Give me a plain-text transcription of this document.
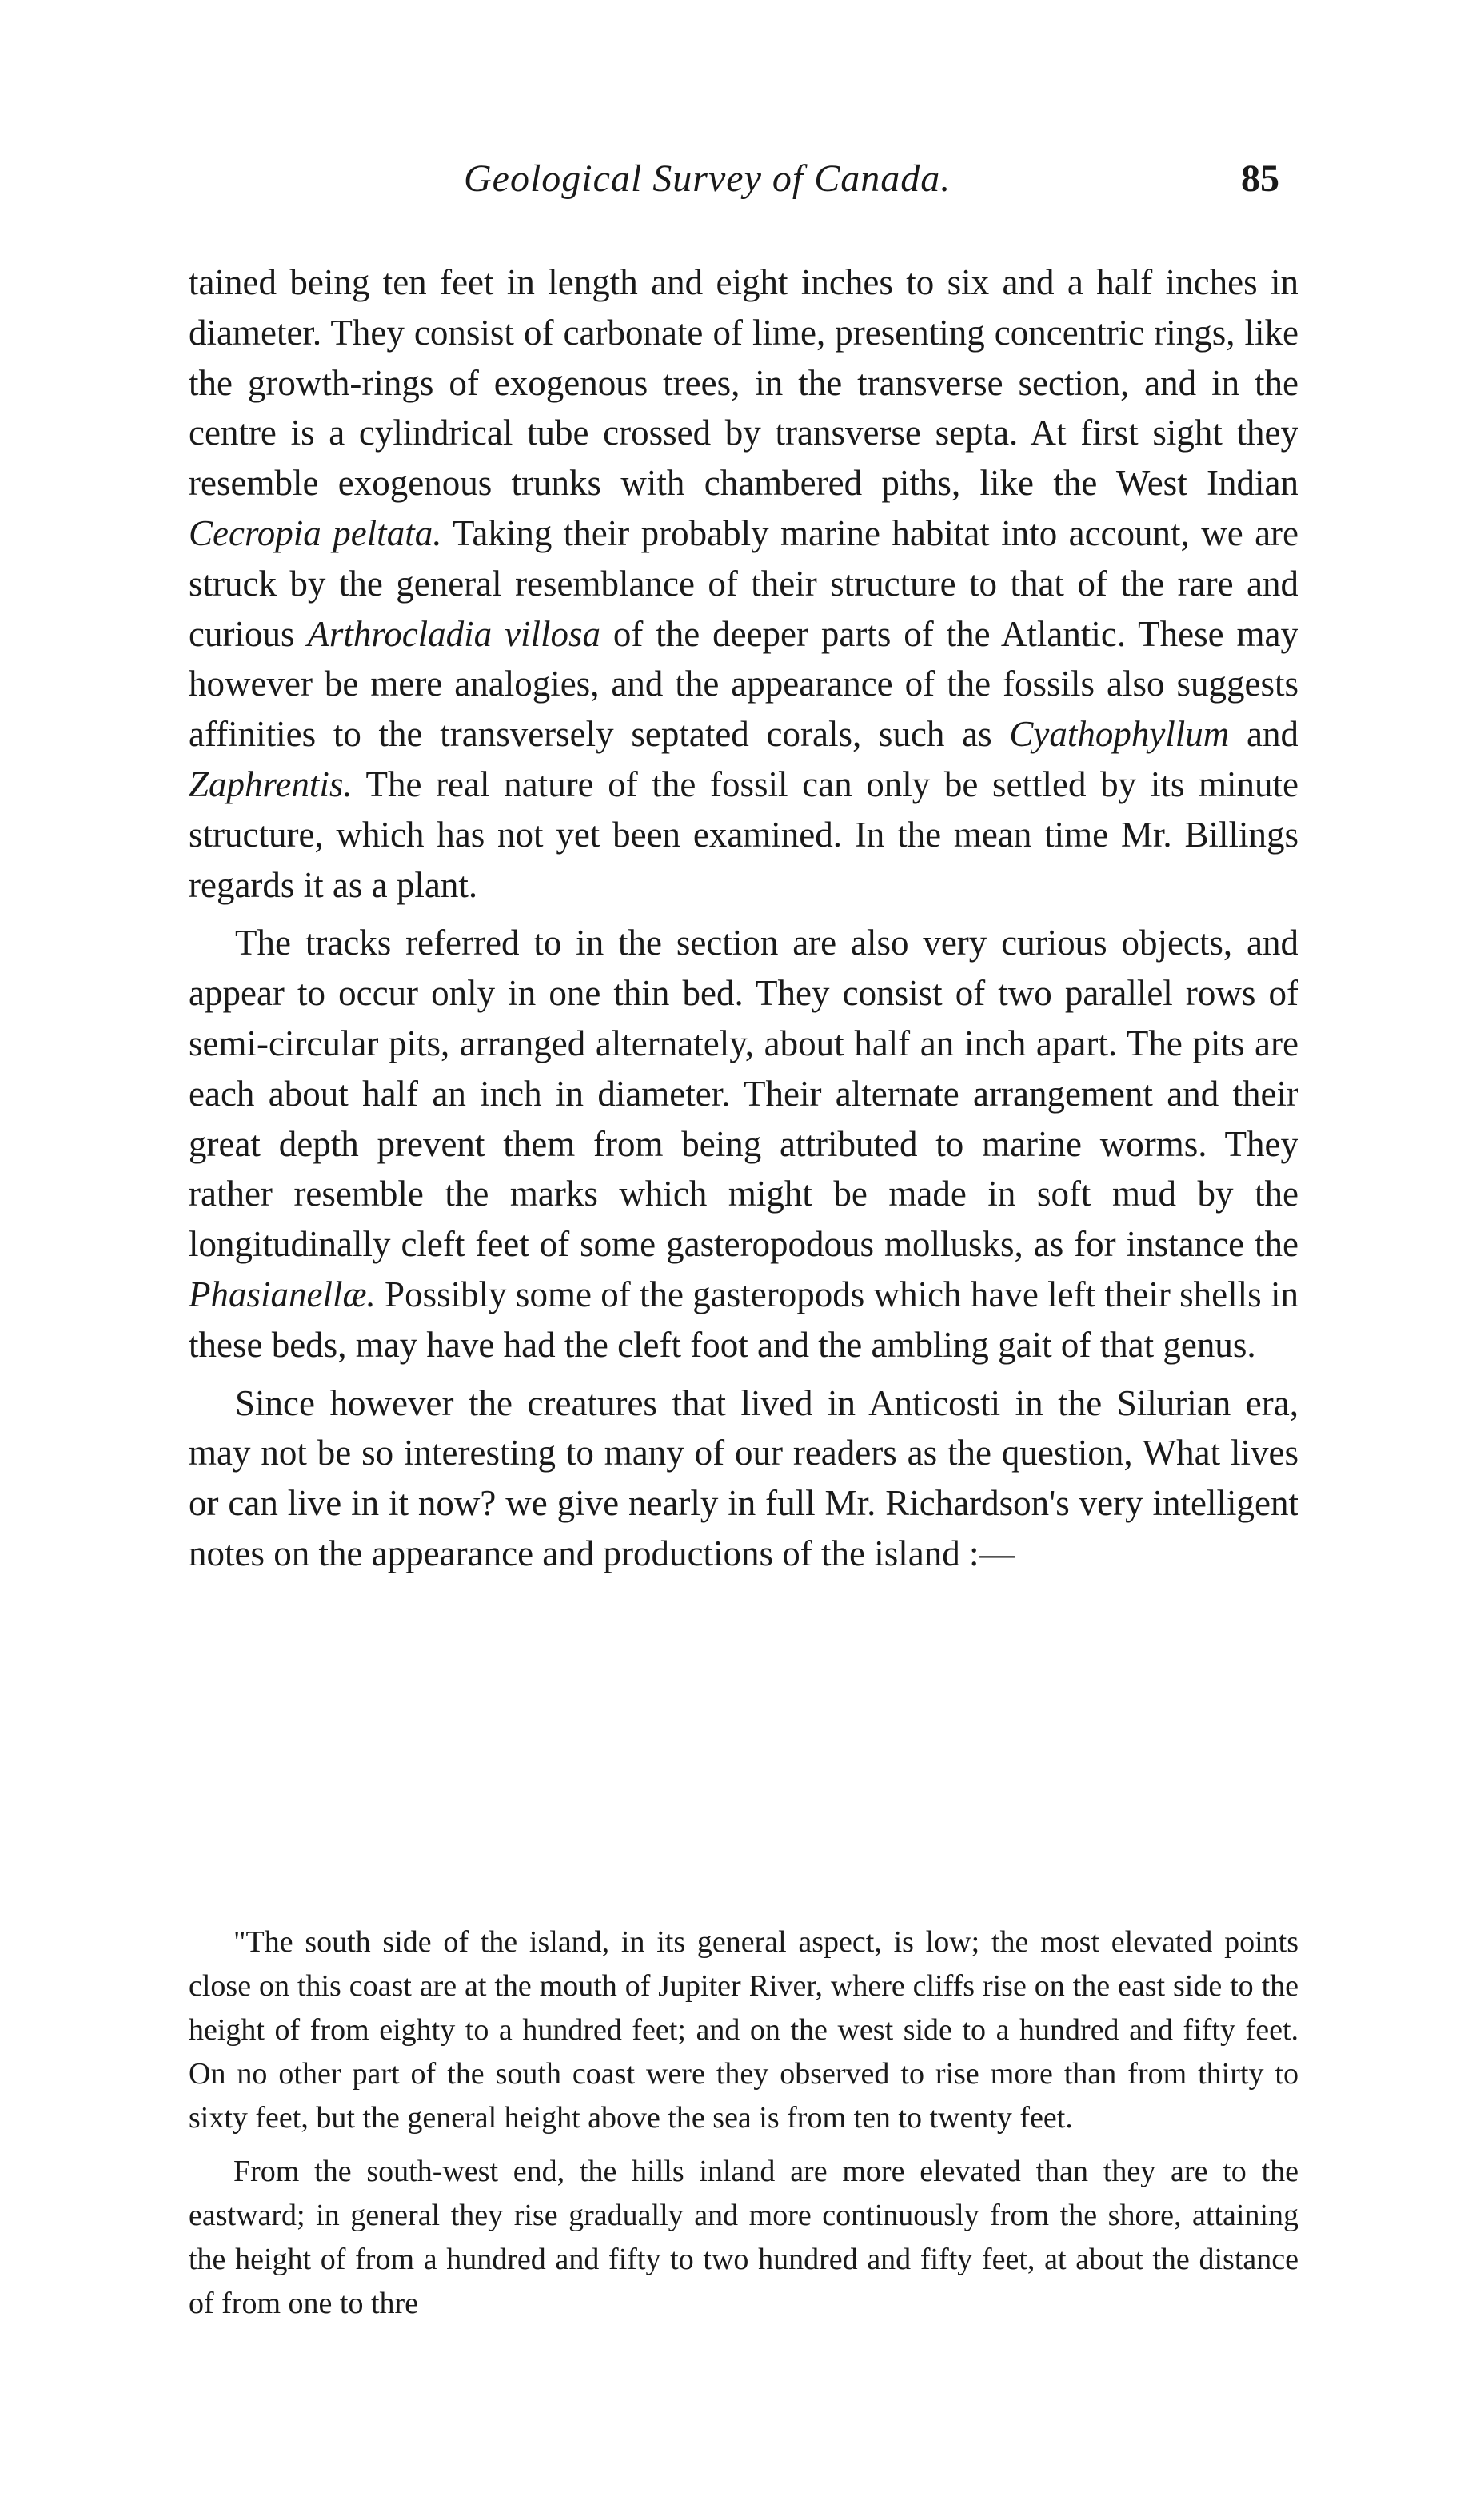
Geological Survey of Canada.	85

tained being ten feet in length and eight inches to six and a half inches in diameter. They consist of carbonate of lime, presenting concentric rings, like the growth-rings of exogenous trees, in the transverse section, and in the centre is a cylindrical tube crossed by transverse septa. At first sight they resemble exogenous trunks with chambered piths, like the West Indian Cecropia peltata. Taking their probably marine habitat into account, we are struck by the general resemblance of their structure to that of the rare and curious Arthrocladia villosa of the deeper parts of the Atlantic. These may however be mere analogies, and the appearance of the fossils also suggests affinities to the transversely septated corals, such as Cyathophyllum and Zaphrentis. The real nature of the fossil can only be settled by its minute structure, which has not yet been examined. In the mean time Mr. Billings regards it as a plant.

The tracks referred to in the section are also very curious objects, and appear to occur only in one thin bed. They consist of two parallel rows of semi-circular pits, arranged alternately, about half an inch apart. The pits are each about half an inch in diameter. Their alternate arrangement and their great depth prevent them from being attributed to marine worms. They rather resemble the marks which might be made in soft mud by the longitudinally cleft feet of some gasteropodous mollusks, as for instance the Phasianellæ. Possibly some of the gasteropods which have left their shells in these beds, may have had the cleft foot and the ambling gait of that genus.

Since however the creatures that lived in Anticosti in the Silurian era, may not be so interesting to many of our readers as the question, What lives or can live in it now? we give nearly in full Mr. Richardson's very intelligent notes on the appearance and productions of the island :—

"The south side of the island, in its general aspect, is low; the most elevated points close on this coast are at the mouth of Jupiter River, where cliffs rise on the east side to the height of from eighty to a hundred feet; and on the west side to a hundred and fifty feet. On no other part of the south coast were they observed to rise more than from thirty to sixty feet, but the general height above the sea is from ten to twenty feet.

From the south-west end, the hills inland are more elevated than they are to the eastward; in general they rise gradually and more continuously from the shore, attaining the height of from a hundred and fifty to two hundred and fifty feet, at about the distance of from one to thre
